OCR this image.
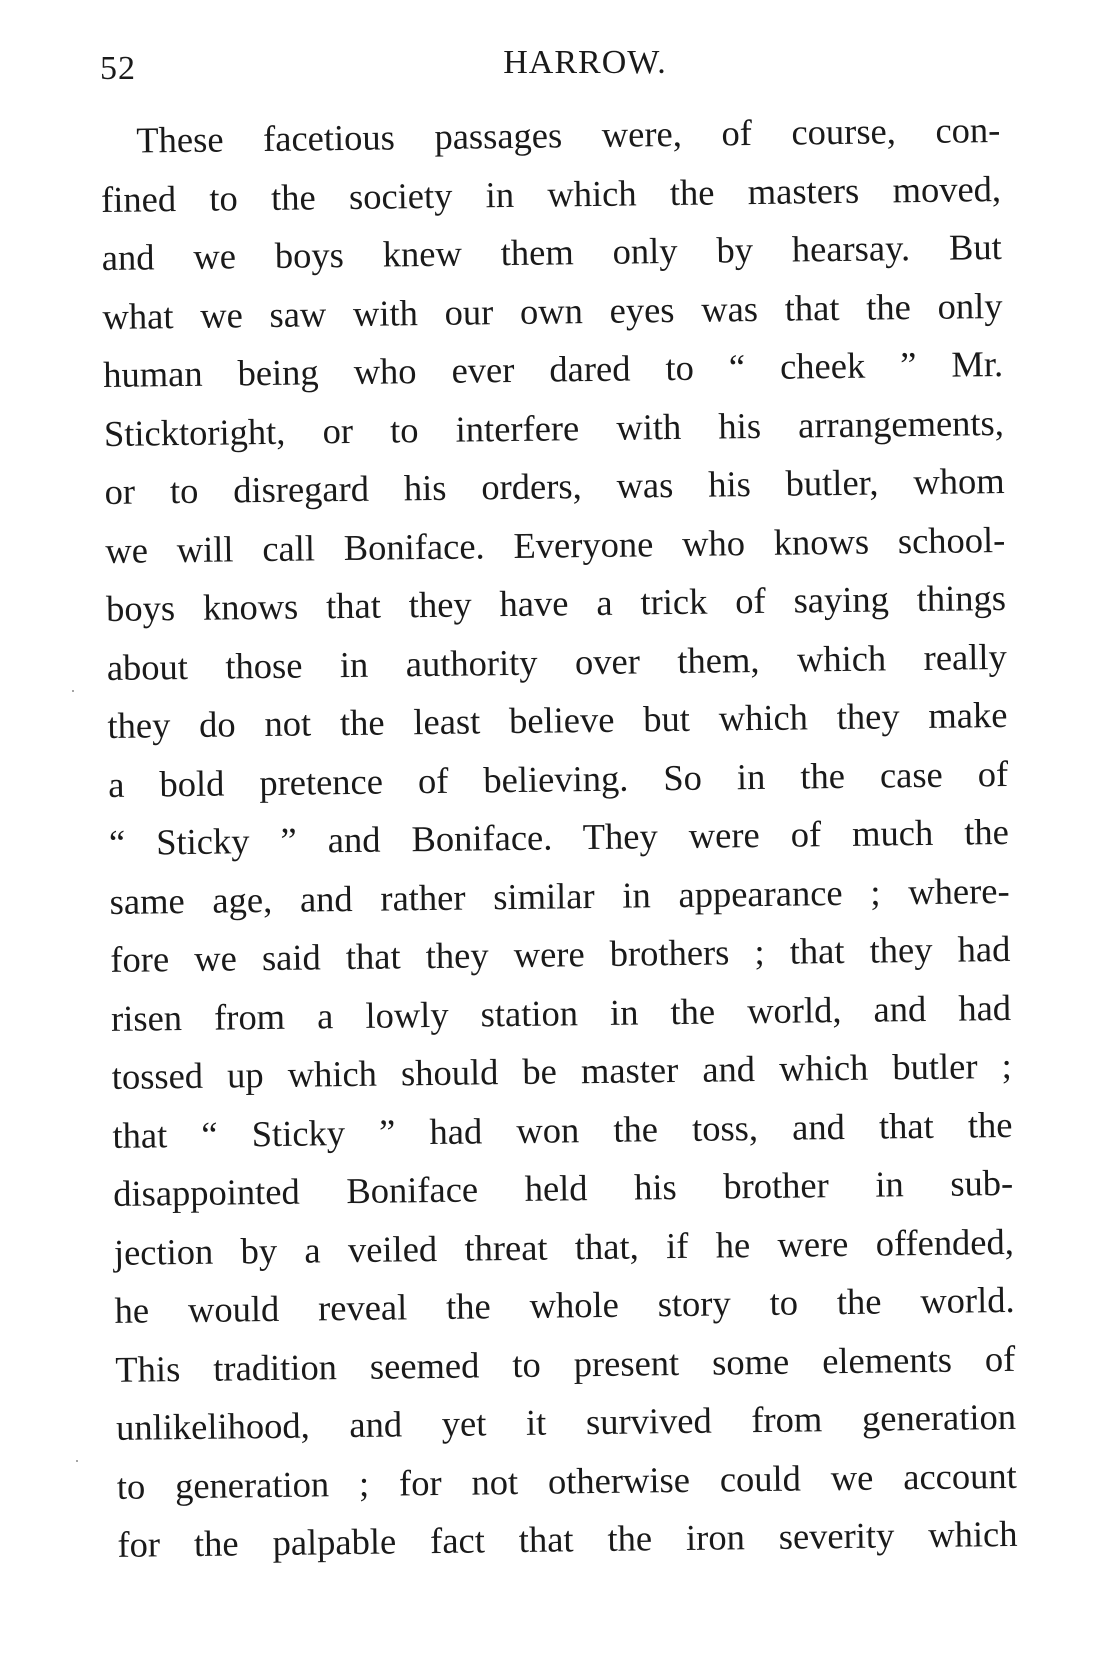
52	HARROW.
These facetious passages were, of course, con-
fined to the society in which the masters moved,
and we boys knew them only by hearsay. But
what we saw with our own eyes was that the only
human being who ever dared to “ cheek ” Mr.
Sticktoright, or to interfere with his arrangements,
or to disregard his orders, was his butler, whom
we will call Boniface. Everyone who knows school-
boys knows that they have a trick of saying things
about those in authority over them, which really
they do not the least believe but which they make
a bold pretence of believing. So in the case of
“ Sticky ” and Boniface. They were of much the
same age, and rather similar in appearance ; where-
fore we said that they were brothers ; that they had
risen from a lowly station in the world, and had
tossed up which should be master and which butler ;
that “ Sticky ” had won the toss, and that the
disappointed Boniface held his brother in sub-
jection by a veiled threat that, if he were offended,
he would reveal the whole story to the world.
This tradition seemed to present some elements of
unlikelihood, and yet it survived from generation
to generation ; for not otherwise could we account
for the palpable fact that the iron severity which
